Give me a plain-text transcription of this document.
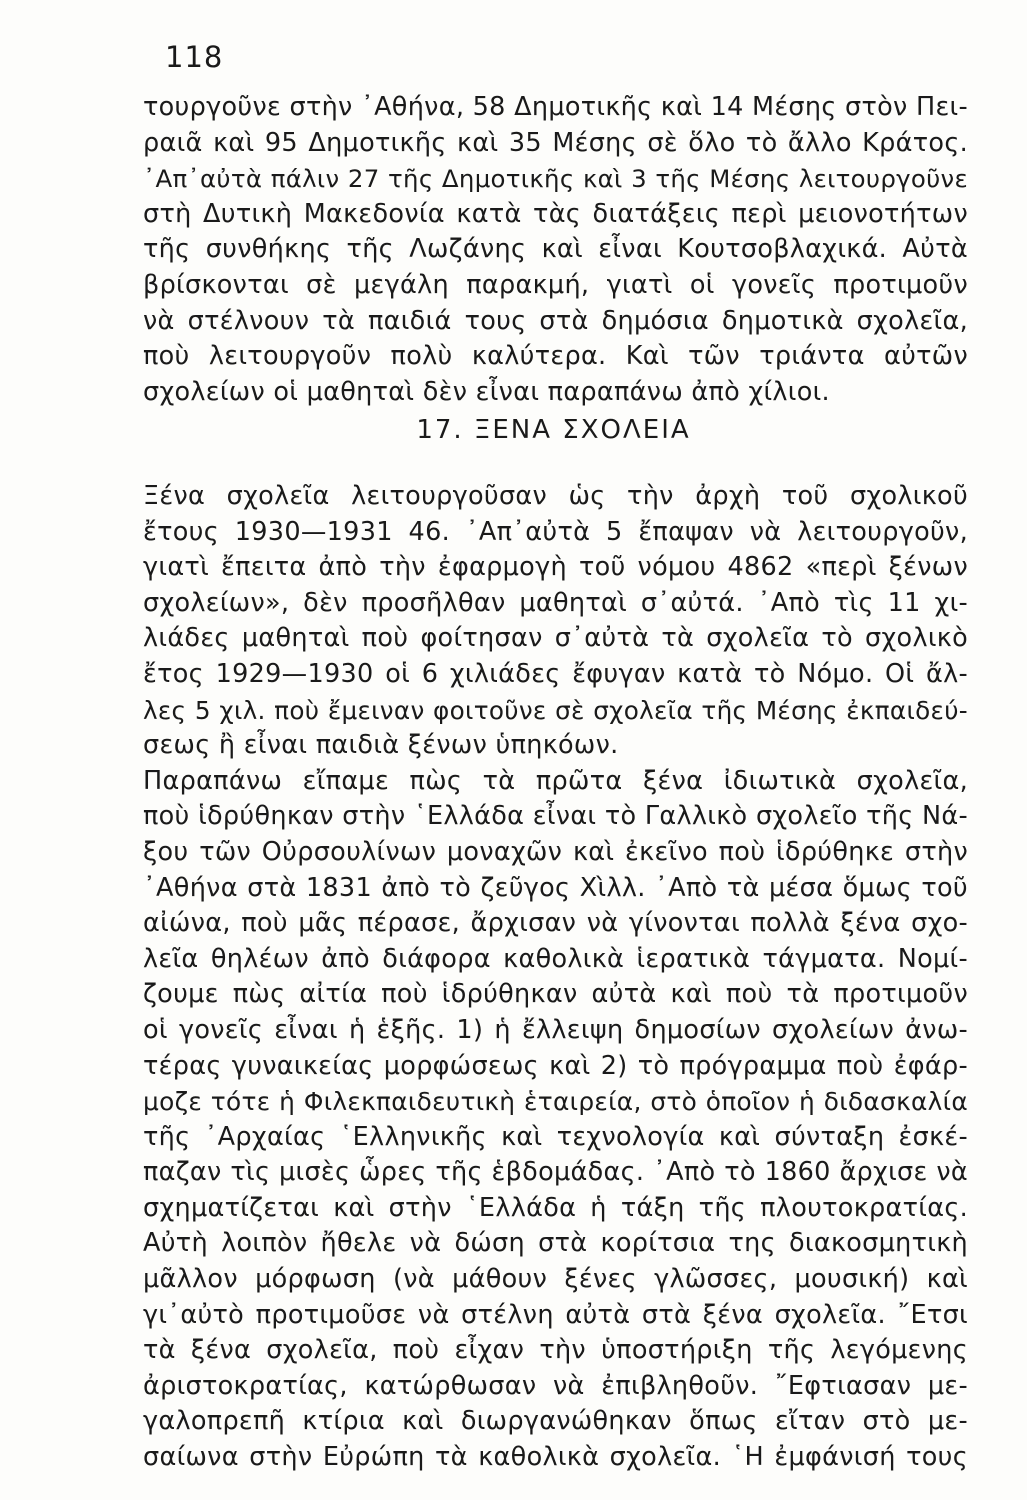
118
τουργοῦνε στὴν ᾿Αθήνα, 58 Δημοτικῆς καὶ 14 Μέσης στὸν Πει-
ραιᾶ καὶ 95 Δημοτικῆς καὶ 35 Μέσης σὲ ὅλο τὸ ἄλλο Κράτος.
᾿Απ᾿αὐτὰ πάλιν 27 τῆς Δημοτικῆς καὶ 3 τῆς Μέσης λειτουργοῦνε
στὴ Δυτικὴ Μακεδονία κατὰ τὰς διατάξεις περὶ μειονοτήτων
τῆς συνθήκης τῆς Λωζάνης καὶ εἶναι Κουτσοβλαχικά. Αὐτὰ
βρίσκονται σὲ μεγάλη παρακμή, γιατὶ οἱ γονεῖς προτιμοῦν
νὰ στέλνουν τὰ παιδιά τους στὰ δημόσια δημοτικὰ σχολεῖα,
ποὺ λειτουργοῦν πολὺ καλύτερα. Καὶ τῶν τριάντα αὐτῶν
σχολείων οἱ μαθηταὶ δὲν εἶναι παραπάνω ἀπὸ χίλιοι.
17. ΞΕΝΑ ΣΧΟΛΕΙΑ
Ξένα σχολεῖα λειτουργοῦσαν ὡς τὴν ἀρχὴ τοῦ σχολικοῦ
ἔτους 1930—1931 46. ᾿Απ᾿αὐτὰ 5 ἔπαψαν νὰ λειτουργοῦν,
γιατὶ ἔπειτα ἀπὸ τὴν ἐφαρμογὴ τοῦ νόμου 4862 «περὶ ξένων
σχολείων», δὲν προσῆλθαν μαθηταὶ σ᾿αὐτά. ᾿Απὸ τὶς 11 χι-
λιάδες μαθηταὶ ποὺ φοίτησαν σ᾿αὐτὰ τὰ σχολεῖα τὸ σχολικὸ
ἔτος 1929—1930 οἱ 6 χιλιάδες ἔφυγαν κατὰ τὸ Νόμο. Οἱ ἄλ-
λες 5 χιλ. ποὺ ἔμειναν φοιτοῦνε σὲ σχολεῖα τῆς Μέσης ἐκπαιδεύ-
σεως ἢ εἶναι παιδιὰ ξένων ὑπηκόων.
Παραπάνω εἴπαμε πὼς τὰ πρῶτα ξένα ἰδιωτικὰ σχολεῖα,
ποὺ ἱδρύθηκαν στὴν ῾Ελλάδα εἶναι τὸ Γαλλικὸ σχολεῖο τῆς Νά-
ξου τῶν Οὐρσουλίνων μοναχῶν καὶ ἐκεῖνο ποὺ ἱδρύθηκε στὴν
᾿Αθήνα στὰ 1831 ἀπὸ τὸ ζεῦγος Χὶλλ. ᾿Απὸ τὰ μέσα ὅμως τοῦ
αἰώνα, ποὺ μᾶς πέρασε, ἄρχισαν νὰ γίνονται πολλὰ ξένα σχο-
λεῖα θηλέων ἀπὸ διάφορα καθολικὰ ἱερατικὰ τάγματα. Νομί-
ζουμε πὼς αἰτία ποὺ ἱδρύθηκαν αὐτὰ καὶ ποὺ τὰ προτιμοῦν
οἱ γονεῖς εἶναι ἡ ἑξῆς. 1) ἡ ἔλλειψη δημοσίων σχολείων ἀνω-
τέρας γυναικείας μορφώσεως καὶ 2) τὸ πρόγραμμα ποὺ ἐφάρ-
μοζε τότε ἡ Φιλεκπαιδευτικὴ ἑταιρεία, στὸ ὁποῖον ἡ διδασκαλία
τῆς ᾿Αρχαίας ῾Ελληνικῆς καὶ τεχνολογία καὶ σύνταξη ἐσκέ-
παζαν τὶς μισὲς ὧρες τῆς ἑβδομάδας. ᾿Απὸ τὸ 1860 ἄρχισε νὰ
σχηματίζεται καὶ στὴν ῾Ελλάδα ἡ τάξη τῆς πλουτοκρατίας.
Αὐτὴ λοιπὸν ἤθελε νὰ δώση στὰ κορίτσια της διακοσμητικὴ
μᾶλλον μόρφωση (νὰ μάθουν ξένες γλῶσσες, μουσική) καὶ
γι᾿αὐτὸ προτιμοῦσε νὰ στέλνη αὐτὰ στὰ ξένα σχολεῖα. ῎Ετσι
τὰ ξένα σχολεῖα, ποὺ εἶχαν τὴν ὑποστήριξη τῆς λεγόμενης
ἀριστοκρατίας, κατώρθωσαν νὰ ἐπιβληθοῦν. ῎Εφτιασαν με-
γαλοπρεπῆ κτίρια καὶ διωργανώθηκαν ὅπως εἴταν στὸ με-
σαίωνα στὴν Εὐρώπη τὰ καθολικὰ σχολεῖα. ῾Η ἐμφάνισή τους
